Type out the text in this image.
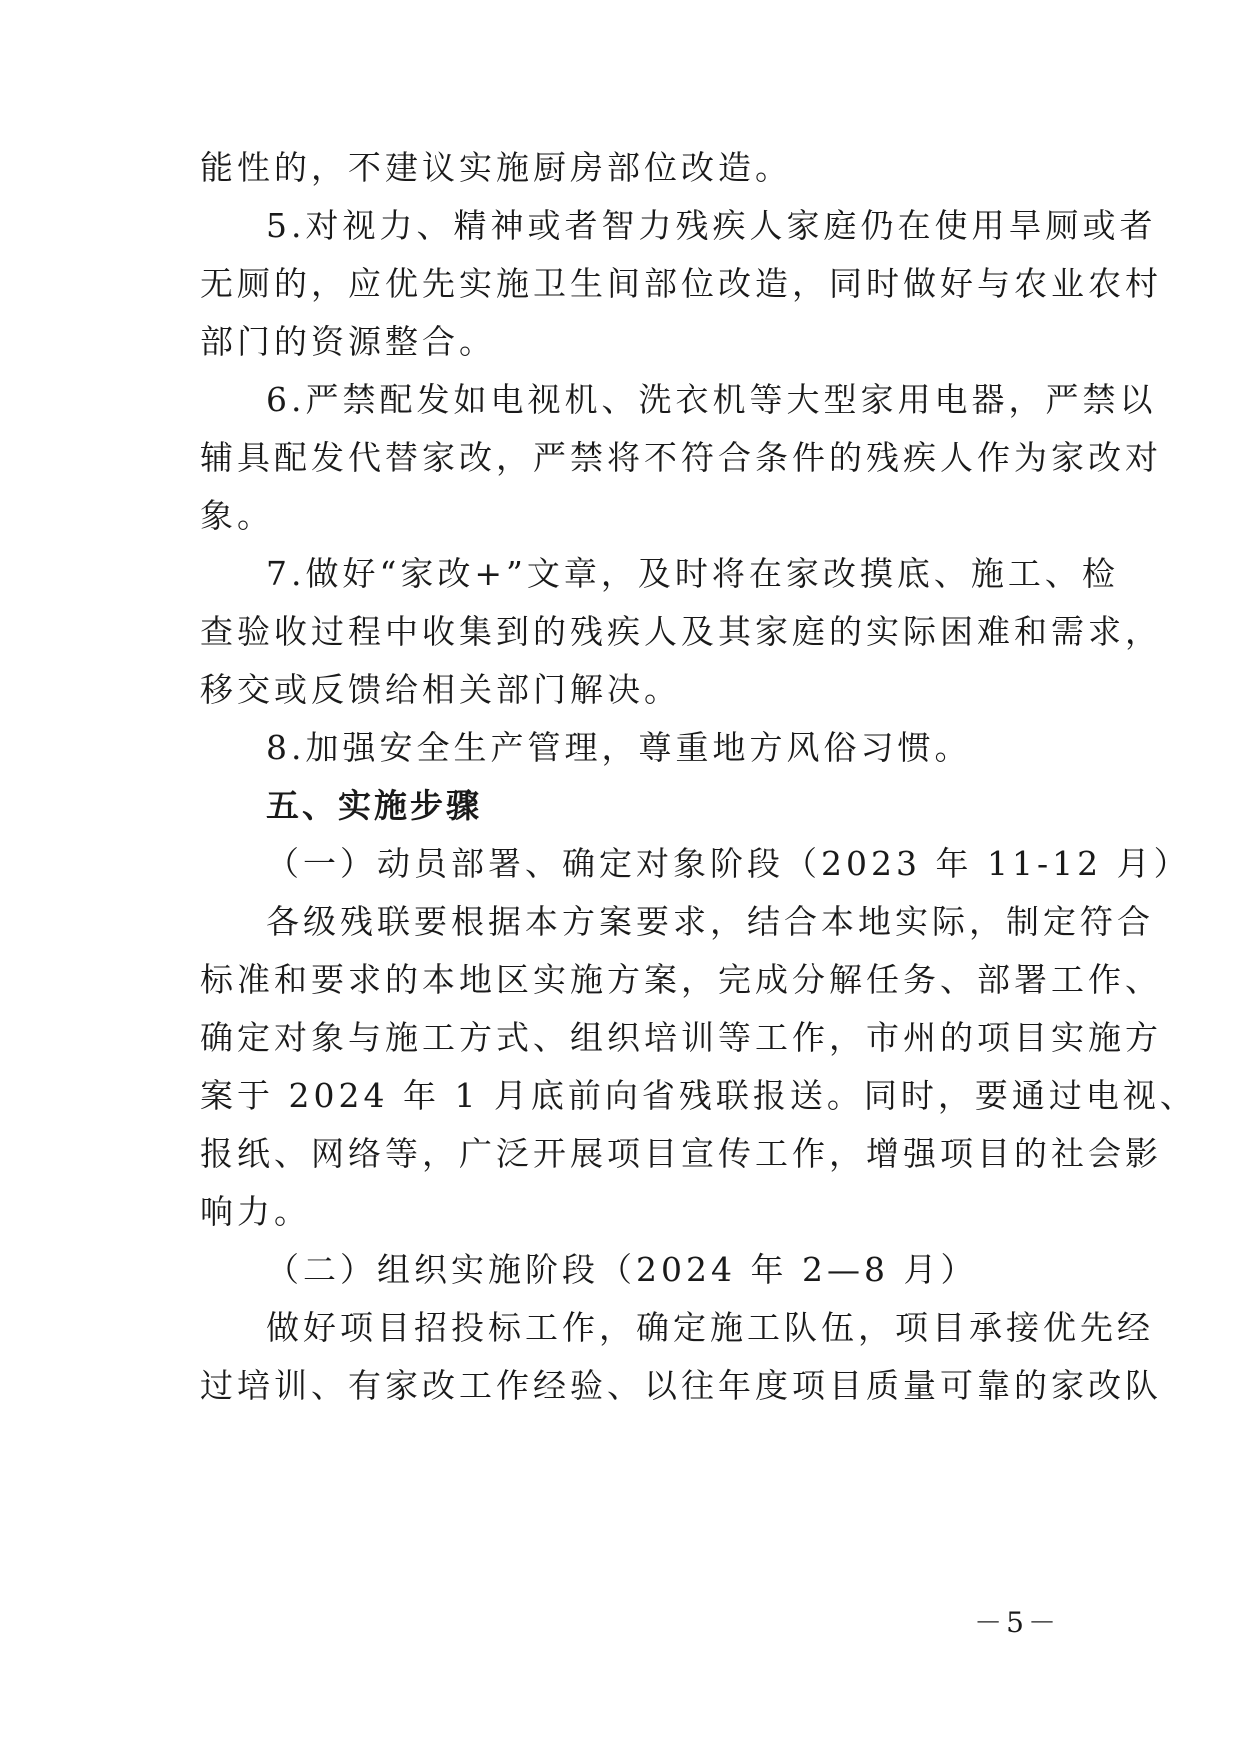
能性的，不建议实施厨房部位改造。
5.对视力、精神或者智力残疾人家庭仍在使用旱厕或者
无厕的，应优先实施卫生间部位改造，同时做好与农业农村
部门的资源整合。
6.严禁配发如电视机、洗衣机等大型家用电器，严禁以
辅具配发代替家改，严禁将不符合条件的残疾人作为家改对
象。
7.做好“家改+”文章，及时将在家改摸底、施工、检
查验收过程中收集到的残疾人及其家庭的实际困难和需求，
移交或反馈给相关部门解决。
8.加强安全生产管理，尊重地方风俗习惯。
五、实施步骤
（一）动员部署、确定对象阶段（2023 年 11-12 月）
各级残联要根据本方案要求，结合本地实际，制定符合
标准和要求的本地区实施方案，完成分解任务、部署工作、
确定对象与施工方式、组织培训等工作，市州的项目实施方
案于 2024 年 1 月底前向省残联报送。同时，要通过电视、
报纸、网络等，广泛开展项目宣传工作，增强项目的社会影
响力。
（二）组织实施阶段（2024 年 2—8 月）
做好项目招投标工作，确定施工队伍，项目承接优先经
过培训、有家改工作经验、以往年度项目质量可靠的家改队
－5－
